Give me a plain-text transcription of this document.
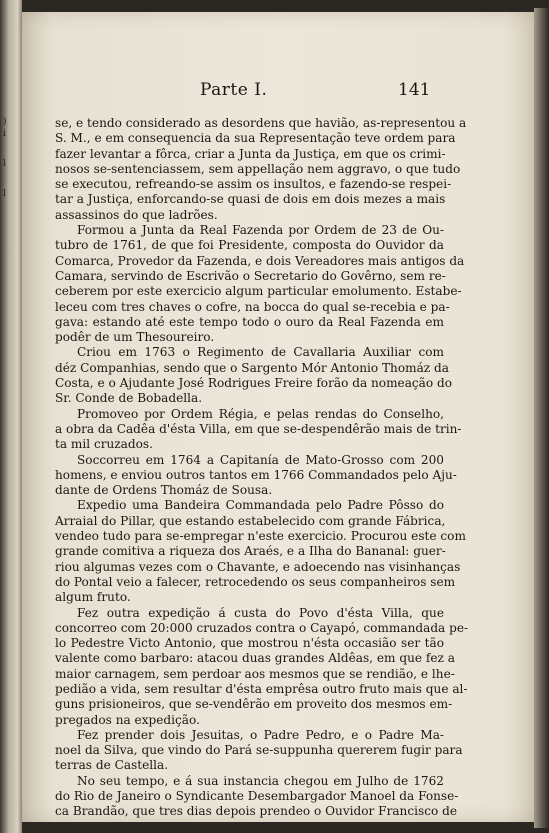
)
i
l
l
Parte I.	141
se, e tendo considerado as desordens que havião, as-representou a
S. M., e em consequencia da sua Representação teve ordem para
fazer levantar a fôrca, criar a Junta da Justiça, em que os crimi-
nosos se-sentenciassem, sem appellação nem aggravo, o que tudo
se executou, refreando-se assim os insultos, e fazendo-se respei-
tar a Justiça, enforcando-se quasi de dois em dois mezes a mais
assassinos do que ladrões.
Formou a Junta da Real Fazenda por Ordem de 23 de Ou-
tubro de 1761, de que foi Presidente, composta do Ouvidor da
Comarca, Provedor da Fazenda, e dois Vereadores mais antigos da
Camara, servindo de Escrivão o Secretario do Govêrno, sem re-
ceberem por este exercicio algum particular emolumento. Estabe-
leceu com tres chaves o cofre, na bocca do qual se-recebia e pa-
gava: estando até este tempo todo o ouro da Real Fazenda em
podêr de um Thesoureiro.
Criou em 1763 o Regimento de Cavallaria Auxiliar com
déz Companhias, sendo que o Sargento Mór Antonio Thomáz da
Costa, e o Ajudante José Rodrigues Freire forão da nomeação do
Sr. Conde de Bobadella.
Promoveo por Ordem Régia, e pelas rendas do Conselho,
a obra da Cadêa d'ésta Villa, em que se-despendêrão mais de trin-
ta mil cruzados.
Soccorreu em 1764 a Capitanía de Mato-Grosso com 200
homens, e enviou outros tantos em 1766 Commandados pelo Aju-
dante de Ordens Thomáz de Sousa.
Expedio uma Bandeira Commandada pelo Padre Pôsso do
Arraial do Pillar, que estando estabelecido com grande Fábrica,
vendeo tudo para se-empregar n'este exercicio. Procurou este com
grande comitiva a riqueza dos Araés, e a Ilha do Bananal: guer-
riou algumas vezes com o Chavante, e adoecendo nas visinhanças
do Pontal veio a falecer, retrocedendo os seus companheiros sem
algum fruto.
Fez outra expedição á custa do Povo d'ésta Villa, que
concorreo com 20:000 cruzados contra o Cayapó, commandada pe-
lo Pedestre Victo Antonio, que mostrou n'ésta occasião ser tão
valente como barbaro: atacou duas grandes Aldêas, em que fez a
maior carnagem, sem perdoar aos mesmos que se rendião, e lhe-
pedião a vida, sem resultar d'ésta emprêsa outro fruto mais que al-
guns prisioneiros, que se-vendêrão em proveito dos mesmos em-
pregados na expedição.
Fez prender dois Jesuitas, o Padre Pedro, e o Padre Ma-
noel da Silva, que vindo do Pará se-suppunha quererem fugir para
terras de Castella.
No seu tempo, e á sua instancia chegou em Julho de 1762
do Rio de Janeiro o Syndicante Desembargador Manoel da Fonse-
ca Brandão, que tres dias depois prendeo o Ouvidor Francisco de
